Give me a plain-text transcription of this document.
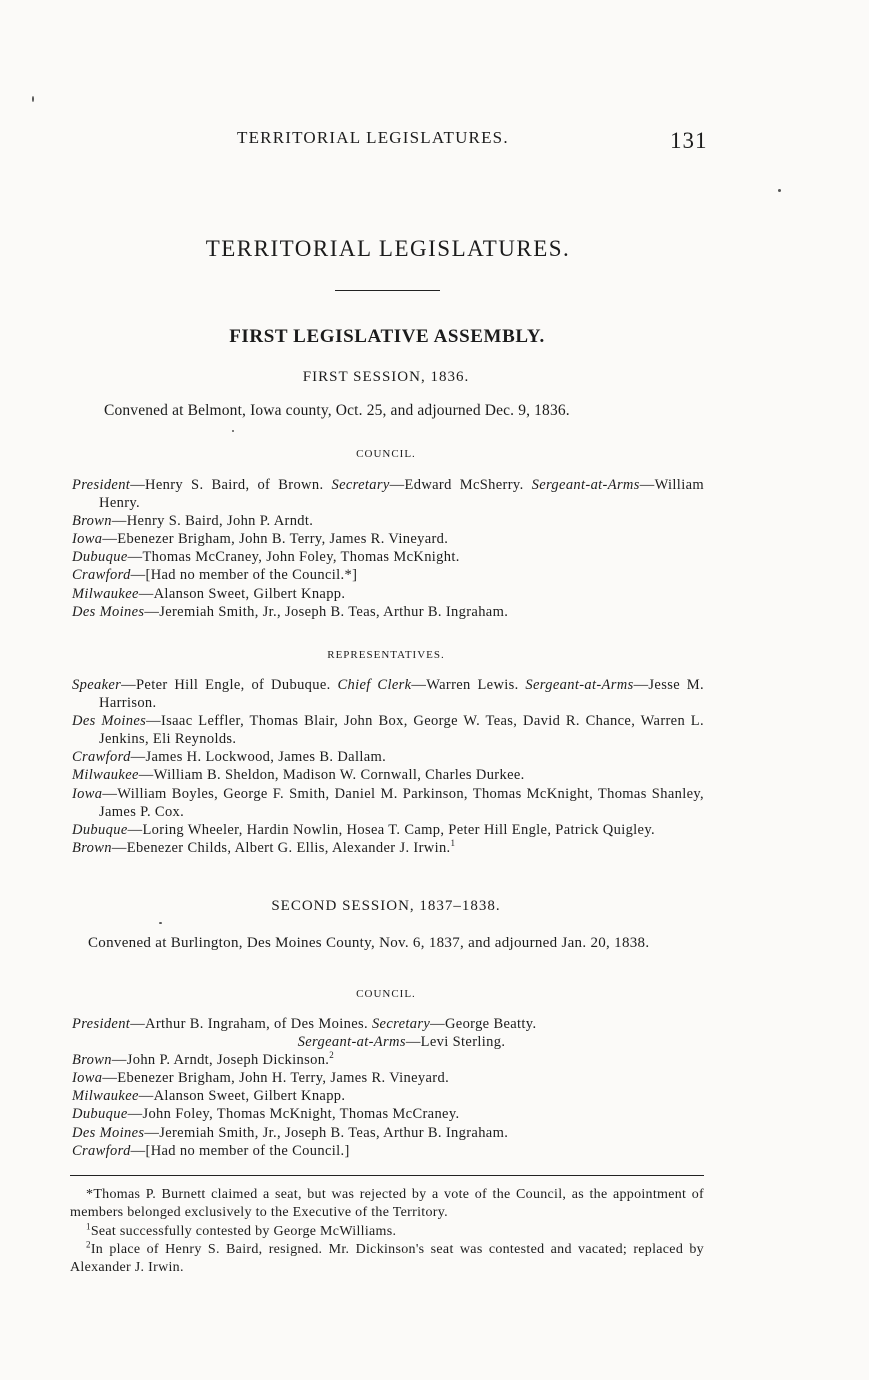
TERRITORIAL LEGISLATURES.	131
TERRITORIAL LEGISLATURES.
FIRST LEGISLATIVE ASSEMBLY.
FIRST SESSION, 1836.
Convened at Belmont, Iowa county, Oct. 25, and adjourned Dec. 9, 1836.
COUNCIL.

President—Henry S. Baird, of Brown. Secretary—Edward McSherry. Sergeant-at-Arms—William Henry.

Brown—Henry S. Baird, John P. Arndt.

Iowa—Ebenezer Brigham, John B. Terry, James R. Vineyard.

Dubuque—Thomas McCraney, John Foley, Thomas McKnight.

Crawford—[Had no member of the Council.*]

Milwaukee—Alanson Sweet, Gilbert Knapp.

Des Moines—Jeremiah Smith, Jr., Joseph B. Teas, Arthur B. Ingraham.

REPRESENTATIVES.

Speaker—Peter Hill Engle, of Dubuque. Chief Clerk—Warren Lewis. Sergeant-at-Arms—Jesse M. Harrison.

Des Moines—Isaac Leffler, Thomas Blair, John Box, George W. Teas, David R. Chance, Warren L. Jenkins, Eli Reynolds.

Crawford—James H. Lockwood, James B. Dallam.

Milwaukee—William B. Sheldon, Madison W. Cornwall, Charles Durkee.

Iowa—William Boyles, George F. Smith, Daniel M. Parkinson, Thomas McKnight, Thomas Shanley, James P. Cox.

Dubuque—Loring Wheeler, Hardin Nowlin, Hosea T. Camp, Peter Hill Engle, Patrick Quigley.

Brown—Ebenezer Childs, Albert G. Ellis, Alexander J. Irwin.$^1$

SECOND SESSION, 1837–1838.
Convened at Burlington, Des Moines County, Nov. 6, 1837, and adjourned Jan. 20, 1838.
COUNCIL.

President—Arthur B. Ingraham, of Des Moines. Secretary—George Beatty.
Sergeant-at-Arms—Levi Sterling.

Brown—John P. Arndt, Joseph Dickinson.$^2$

Iowa—Ebenezer Brigham, John H. Terry, James R. Vineyard.

Milwaukee—Alanson Sweet, Gilbert Knapp.

Dubuque—John Foley, Thomas McKnight, Thomas McCraney.

Des Moines—Jeremiah Smith, Jr., Joseph B. Teas, Arthur B. Ingraham.

Crawford—[Had no member of the Council.]

*Thomas P. Burnett claimed a seat, but was rejected by a vote of the Council, as the appointment of members belonged exclusively to the Executive of the Territory.

$^1$Seat successfully contested by George McWilliams.

$^2$In place of Henry S. Baird, resigned. Mr. Dickinson's seat was contested and vacated; replaced by Alexander J. Irwin.
